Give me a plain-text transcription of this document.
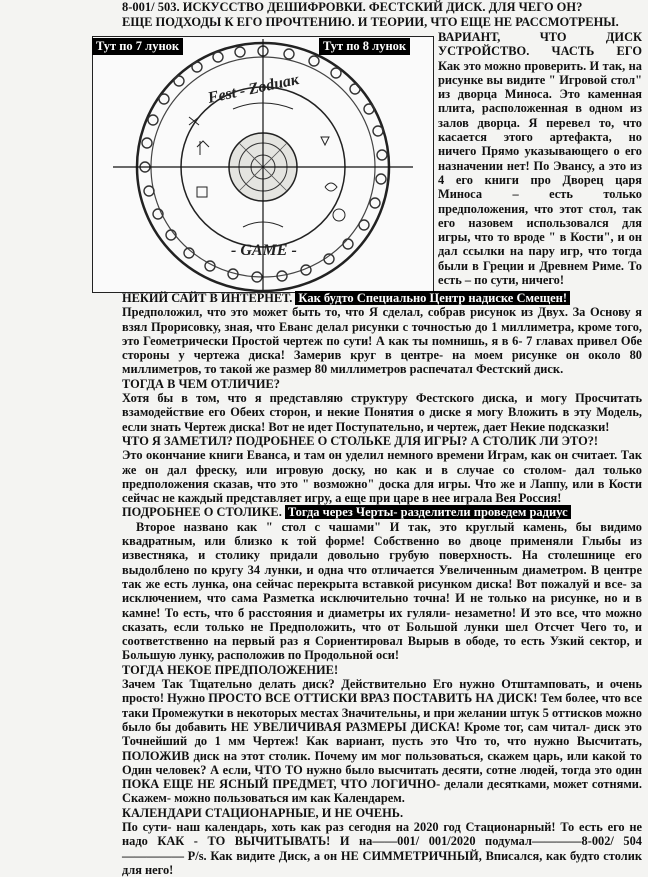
8-001/ 503. ИСКУССТВО ДЕШИФРОВКИ. ФЕСТСКИЙ ДИСК. ДЛЯ ЧЕГО ОН?
ЕЩЕ ПОДХОДЫ К ЕГО ПРОЧТЕНИЮ. И ТЕОРИИ, ЧТО ЕЩЕ НЕ РАССМОТРЕНЫ.
Fest - Zodиак
- GAME -
Тут по 7 лунок	Тут по 8 лунок
ВАРИАНТ, ЧТО ДИСК
УСТРОЙСТВО. ЧАСТЬ ЕГО

Как это можно проверить. И так, на рисунке вы видите " Игровой стол" из дворца Миноса. Это каменная плита, расположенная в одном из залов дворца. Я перевел то, что касается этого артефакта, но ничего Прямо указывающего о его назначении нет! По Эвансу, а это из 4 его книги про Дворец царя Миноса – есть только предположения, что этот стол, так его назовем использовался для игры, что то вроде " в Кости", и он дал ссылки на пару игр, что тогда были в Греции и Древнем Риме. То есть – по сути, ничего!

НЕКИЙ САЙТ В ИНТЕРНЕТ. Как будто Специально Центр надиске Смещен!

Предположил, что это может быть то, что Я сделал, собрав рисунок из Двух. За Основу я взял Прорисовку, зная, что Еванс делал рисунки с точностью до 1 миллиметра, кроме того, это Геометрически Простой чертеж по сути! А как ты помнишь, я в 6- 7 главах привел Обе стороны у чертежа диска! Замерив круг в центре- на моем рисунке он около 80 миллиметров, то такой же размер 80 миллиметров распечатал Фестский диск.

ТОГДА В ЧЕМ ОТЛИЧИЕ?

Хотя бы в том, что я представляю структуру Фестского диска, и могу Просчитать взамодействие его Обеих сторон, и некие Понятия о диске я могу Вложить в эту Модель, если знать Чертеж диска! Вот не идет Поступательно, и чертеж, дает Некие подсказки!

ЧТО Я ЗАМЕТИЛ? ПОДРОБНЕЕ О СТОЛЬКЕ ДЛЯ ИГРЫ? А СТОЛИК ЛИ ЭТО?!

Это окончание книги Еванса, и там он уделил немного времени Играм, как он считает. Так же он дал фреску, или игровую доску, но как и в случае со столом- дал только предположения сказав, что это " возможно" доска для игры. Что же и Лаппу, или в Кости сейчас не каждый представляет игру, а еще при царе в нее играла Вея Россия!

ПОДРОБНЕЕ О СТОЛИКЕ. Тогда через Черты- разделители проведем радиус

Второе названо как " стол с чашами" И так, это круглый камень, бы видимо квадратным, или близко к той форме! Собственно во двоце применяли Глыбы из известняка, и столику придали довольно грубую поверхность. На столешнице его выдолблено по кругу 34 лунки, и одна что отличается Увеличенным диаметром. В центре так же есть лунка, она сейчас перекрыта вставкой рисунком диска! Вот пожалуй и все- за исключением, что сама Разметка исключительно точна! И не только на рисунке, но и в камне! То есть, что б расстояния и диаметры их гуляли- незаметно! И это все, что можно сказать, если только не Предположить, что от Большой лунки шел Отсчет Чего то, и соответственно на первый раз я Сориентировал Вырыв в ободе, то есть Узкий сектор, и Большую лунку, расположив по Продольной оси!

ТОГДА НЕКОЕ ПРЕДПОЛОЖЕНИЕ!

Зачем Так Тщательно делать диск? Действительно Его нужно Отштамповать, и очень просто! Нужно ПРОСТО ВСЕ ОТТИСКИ ВРАЗ ПОСТАВИТЬ НА ДИСК! Тем более, что все таки Промежутки в некоторых местах Значительны, и при желании штук 5 оттисков можно было бы добавить НЕ УВЕЛИЧИВАЯ РАЗМЕРЫ ДИСКА! Кроме тог, сам читал- диск это Точнейший до 1 мм Чертеж! Как вариант, пусть это Что то, что нужно Высчитать, ПОЛОЖИВ диск на этот столик. Почему им мог пользоваться, скажем царь, или какой то Один человек? А если, ЧТО ТО нужно было высчитать десяти, сотне людей, тогда это один ПОКА ЕЩЕ НЕ ЯСНЫЙ ПРЕДМЕТ, ЧТО ЛОГИЧНО- делали десятками, может сотнями. Скажем- можно пользоваться им как Календарем.

КАЛЕНДАРИ СТАЦИОНАРНЫЕ, И НЕ ОЧЕНЬ.

По сути- наш календарь, хоть как раз сегодня на 2020 год Стационарный! То есть его не надо КАК - ТО ВЫЧИТЫВАТЬ! И на——001/ 001/2020 подумал————8-002/ 504————— Р/s. Как видите Диск, а он НЕ СИММЕТРИЧНЫЙ, Вписался, как будто столик для него!
